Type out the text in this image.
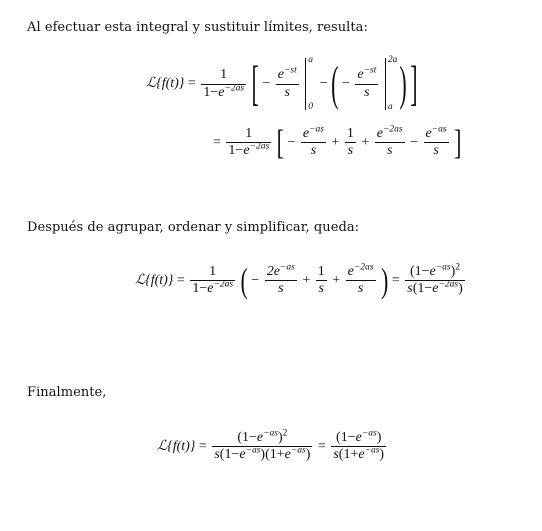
Al efectuar esta integral y sustituir límites, resulta:
ℒ{f(t)} = $\frac{1}{1-e^{-2as}}$ [ − $\frac{e^{-st}}{s}$

a
0
− ( − $\frac{e^{-st}}{s}$

2a
a ) ]
= $\frac{1}{1-e^{-2as}}$ [ − $\frac{e^{-as}}{s} + \frac{1}{s} + \frac{e^{-2as}}{s} - \frac{e^{-as}}{s}$ ]
Después de agrupar, ordenar y simplificar, queda:
ℒ{f(t)} = $\frac{1}{1-e^{-2as}}$ ( − $\frac{2e^{-as}}{s} + \frac{1}{s} + \frac{e^{-2as}}{s}$ ) = $\frac{(1-e^{-as})^2}{s(1-e^{-2as})}$
Finalmente,
ℒ{f(t)} = $\frac{(1-e^{-as})^2}{s(1-e^{-as})(1+e^{-as})} = \frac{(1-e^{-as})}{s(1+e^{-as})}$
